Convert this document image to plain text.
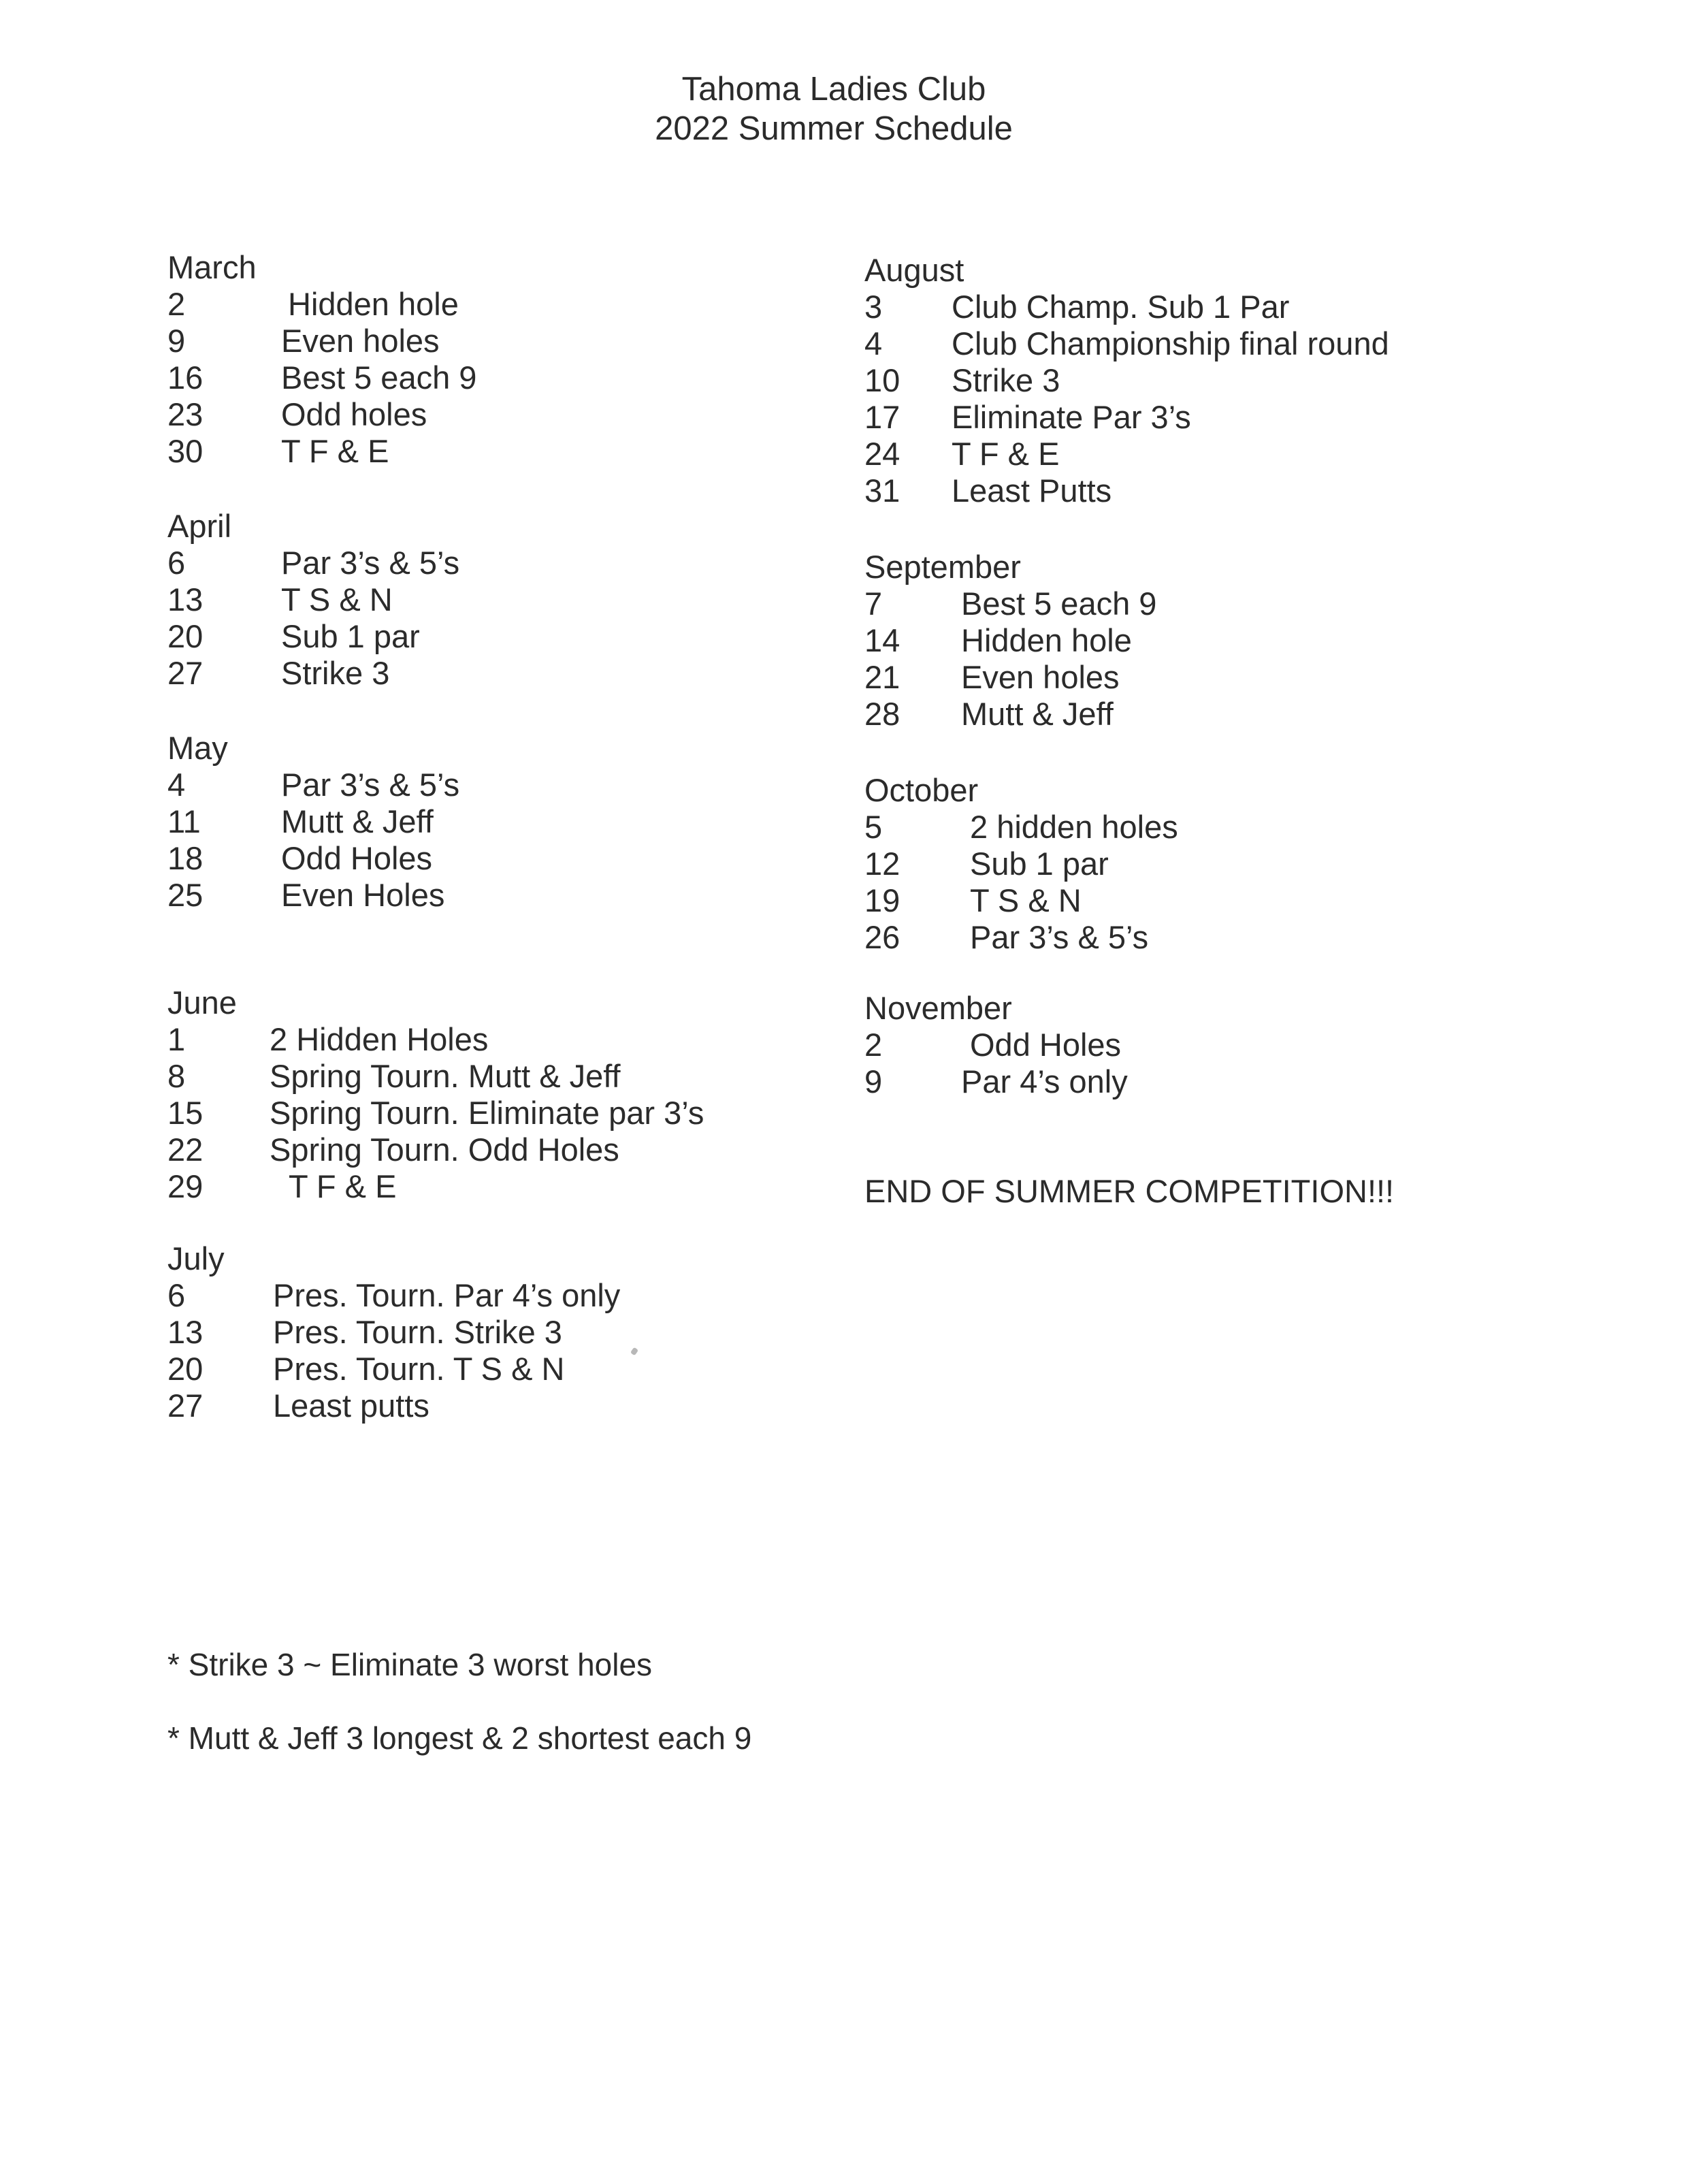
Tahoma Ladies Club
2022 Summer Schedule
March
2	Hidden hole
9	Even holes
16 Best 5 each 9
23 Odd holes
30 T F & E
April
6	Par 3’s & 5’s
13 T S & N
20 Sub 1 par
27 Strike 3
May
4	Par 3’s & 5’s
11	Mutt & Jeff
18 Odd Holes
25 Even Holes
June
1	2 Hidden Holes
8	Spring Tourn. Mutt & Jeff
15 Spring Tourn. Eliminate par 3’s
22 Spring Tourn. Odd Holes
29	T F & E
July
6	Pres. Tourn. Par 4’s only
13 Pres. Tourn. Strike 3
20 Pres. Tourn. T S & N
27 Least putts
August
3 Club Champ. Sub 1 Par
4 Club Championship final round
10 Strike 3
17 Eliminate Par 3’s
24 T F & E
31 Least Putts
September
7 Best 5 each 9
14 Hidden hole
21 Even holes
28 Mutt & Jeff
October
5	2 hidden holes
12 Sub 1 par
19 T S & N
26 Par 3’s & 5’s
November
2	Odd Holes
9 Par 4’s only
END OF SUMMER COMPETITION!!!
* Strike 3 ~ Eliminate 3 worst holes
* Mutt & Jeff 3 longest & 2 shortest each 9
